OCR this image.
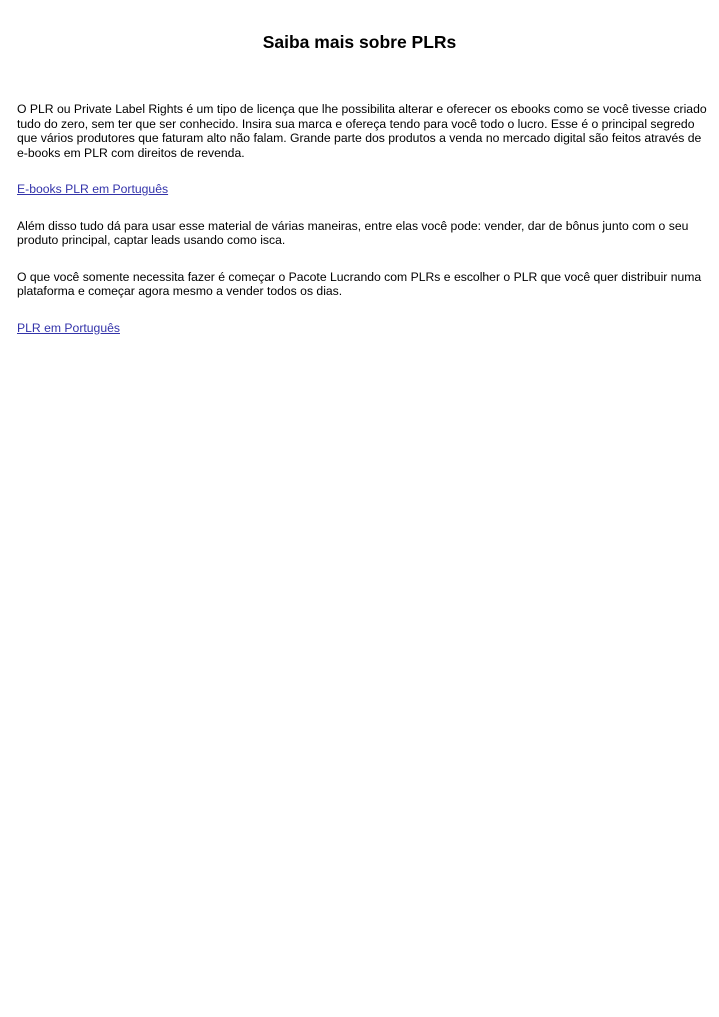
Saiba mais sobre PLRs

O PLR ou Private Label Rights é um tipo de licença que lhe possibilita alterar e oferecer os ebooks como se você tivesse criado tudo do zero, sem ter que ser conhecido. Insira sua marca e ofereça tendo para você todo o lucro. Esse é o principal segredo que vários produtores que faturam alto não falam. Grande parte dos produtos a venda no mercado digital são feitos através de e-books em PLR com direitos de revenda.

E-books PLR em Português

Além disso tudo dá para usar esse material de várias maneiras, entre elas você pode: vender, dar de bônus junto com o seu produto principal, captar leads usando como isca.

O que você somente necessita fazer é começar o Pacote Lucrando com PLRs e escolher o PLR que você quer distribuir numa plataforma e começar agora mesmo a vender todos os dias.

PLR em Português
